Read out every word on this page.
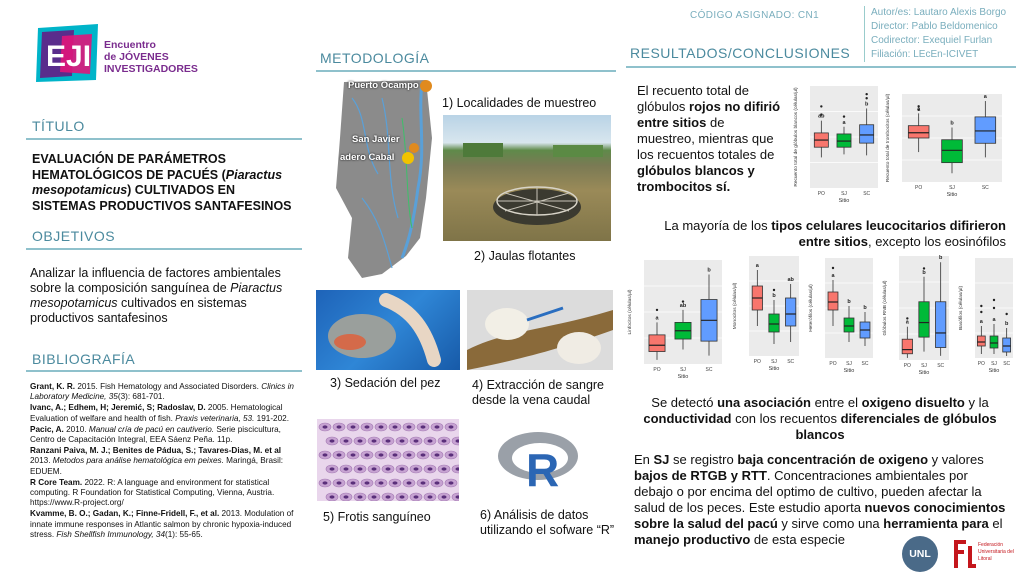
EJI Encuentro
de JÓVENES
INVESTIGADORES
CÓDIGO ASIGNADO: CN1	Autor/es: Lautaro Alexis Borgo
Director: Pablo Beldomenico
Codirector: Exequiel Furlan
Filiación: LEcEn-ICIVET
TÍTULO
EVALUACIÓN DE PARÁMETROS HEMATOLÓGICOS DE PACUÉS (Piaractus mesopotamicus) CULTIVADOS EN SISTEMAS PRODUCTIVOS SANTAFESINOS
OBJETIVOS
Analizar la influencia de factores ambientales sobre la composición sanguínea de Piaractus mesopotamicus cultivados en sistemas productivos santafesinos
BIBLIOGRAFÍA

Grant, K. R. 2015. Fish Hematology and Associated Disorders. Clinics in Laboratory Medicine, 35(3): 681-701.

Ivanc, A.; Edhem, H; Jeremić, S; Radoslav, D. 2005. Hematological Evaluation of welfare and health of fish. Praxis veterinaria, 53. 191-202.

Pacic, A. 2010. Manual cría de pacú en cautiverio. Serie piscicultura, Centro de Capacitación Integral, EEA Sáenz Peña. 11p.

Ranzani Paiva, M. J.; Benites de Pádua, S.; Tavares-Dias, M. et al 2013. Metodos para análise hematológica em peixes. Maringá, Brasil: EDUEM.

R Core Team. 2022. R: A language and environment for statistical computing. R Foundation for Statistical Computing, Vienna, Austria. https://www.R-project.org/

Kvamme, B. O.; Gadan, K.; Finne-Fridell, F., et al. 2013. Modulation of innate immune responses in Atlantic salmon by chronic hypoxia-induced stress. Fish Shellfish Immunology, 34(1): 55-65.

METODOLOGÍA
Puerto Ocampo
San Javier
adero Cabal
1) Localidades de muestreo
2) Jaulas flotantes
3) Sedación del pez	4) Extracción de sangre desde la vena caudal
5) Frotis sanguíneo
R
6) Análisis de datos utilizando el sofware “R”
RESULTADOS/CONCLUSIONES
El recuento total de glóbulos rojos no difirió entre sitios de muestreo, mientras que los recuentos totales de glóbulos blancos y trombocitos sí.
ab
PO
a
SJ
b
SC
Sitio
Recuento total de glóbulos blancos (células/µl)	a
PO
b
SJ
a
SC
Sitio
Recuento total de trombocitos (células/µl)
La mayoría de los tipos celulares leucocitarios difirieron entre sitios, excepto los eosinófilos
a
PO
ab
SJ
b
SC
Sitio
Linfocitos (células/µl)
a
PO
b
SJ
ab
SC
Sitio
Monocitos (células/µl)
a
PO
b
SJ
b
SC
Sitio
Heterófilos (células/µl)	a
PO
b
SJ
b
SC
Sitio
Glóbulos RNB (células/µl)	a
PO
a
SJ
b
SC
Sitio
Basófilos (células/µl)
Se detectó una asociación entre el oxigeno disuelto y la conductividad con los recuentos diferenciales de glóbulos blancos
En SJ se registro baja concentración de oxigeno y valores bajos de RTGB y RTT. Concentraciones ambientales por debajo o por encima del optimo de cultivo, pueden afectar la salud de los peces. Este estudio aporta nuevos conocimientos sobre la salud del pacú y sirve como una herramienta para el manejo productivo de esta especie
UNL
Federación Universitaria del Litoral
